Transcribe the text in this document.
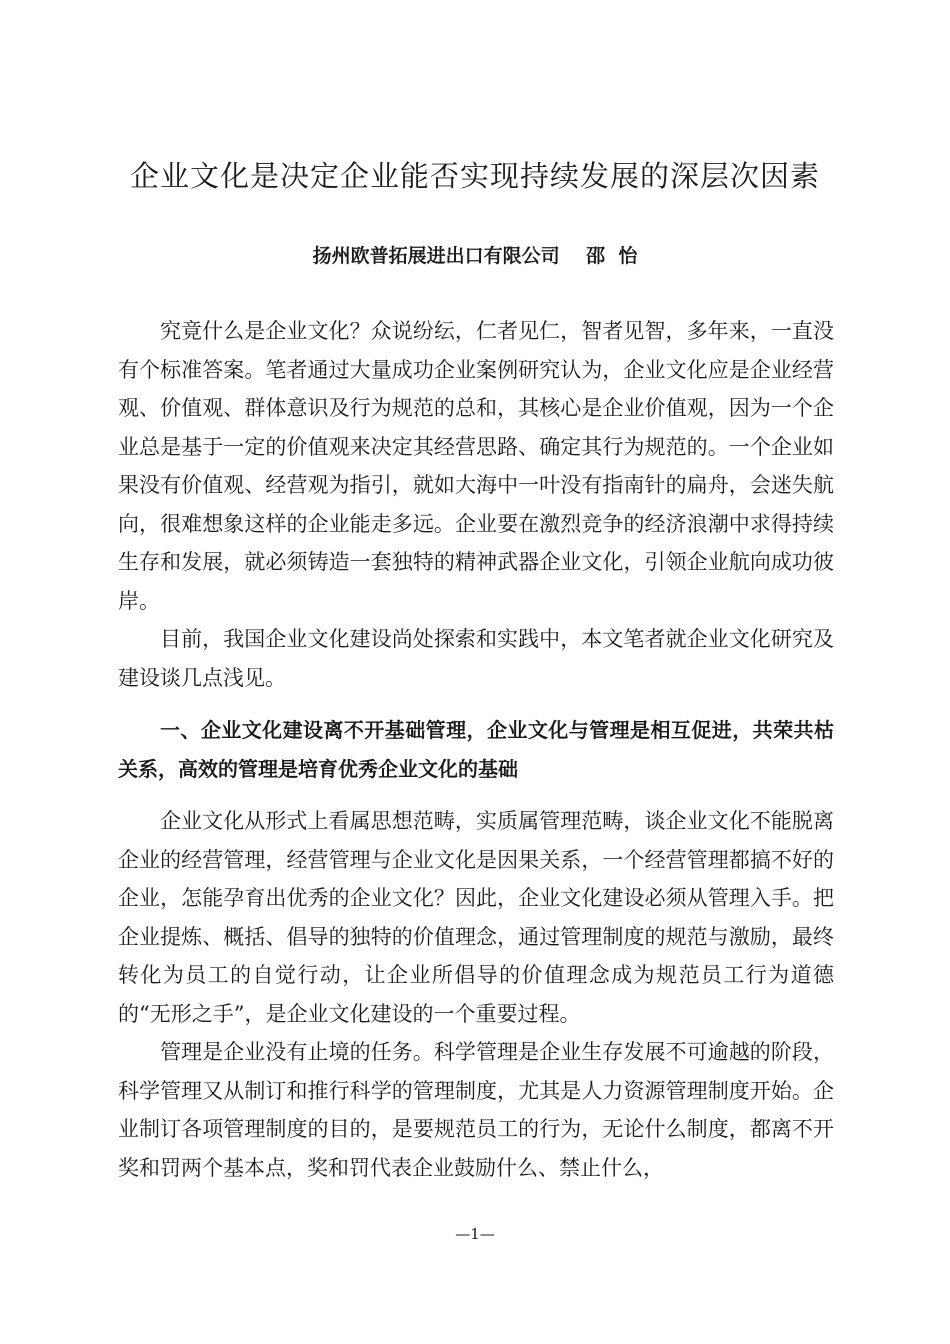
企业文化是决定企业能否实现持续发展的深层次因素
扬州欧普拓展进出口有限公司 邵  怡

究竟什么是企业文化？众说纷纭，仁者见仁，智者见智，多年来，一直没有个标准答案。笔者通过大量成功企业案例研究认为，企业文化应是企业经营观、价值观、群体意识及行为规范的总和，其核心是企业价值观，因为一个企业总是基于一定的价值观来决定其经营思路、确定其行为规范的。一个企业如果没有价值观、经营观为指引，就如大海中一叶没有指南针的扁舟，会迷失航向，很难想象这样的企业能走多远。企业要在激烈竞争的经济浪潮中求得持续生存和发展，就必须铸造一套独特的精神武器企业文化，引领企业航向成功彼岸。

目前，我国企业文化建设尚处探索和实践中，本文笔者就企业文化研究及建设谈几点浅见。

一、企业文化建设离不开基础管理，企业文化与管理是相互促进，共荣共枯关系，高效的管理是培育优秀企业文化的基础

企业文化从形式上看属思想范畴，实质属管理范畴，谈企业文化不能脱离企业的经营管理，经营管理与企业文化是因果关系，一个经营管理都搞不好的企业，怎能孕育出优秀的企业文化？因此，企业文化建设必须从管理入手。把企业提炼、概括、倡导的独特的价值理念，通过管理制度的规范与激励，最终转化为员工的自觉行动，让企业所倡导的价值理念成为规范员工行为道德的“无形之手”，是企业文化建设的一个重要过程。

管理是企业没有止境的任务。科学管理是企业生存发展不可逾越的阶段，科学管理又从制订和推行科学的管理制度，尤其是人力资源管理制度开始。企业制订各项管理制度的目的，是要规范员工的行为，无论什么制度，都离不开奖和罚两个基本点，奖和罚代表企业鼓励什么、禁止什么，

—1—
